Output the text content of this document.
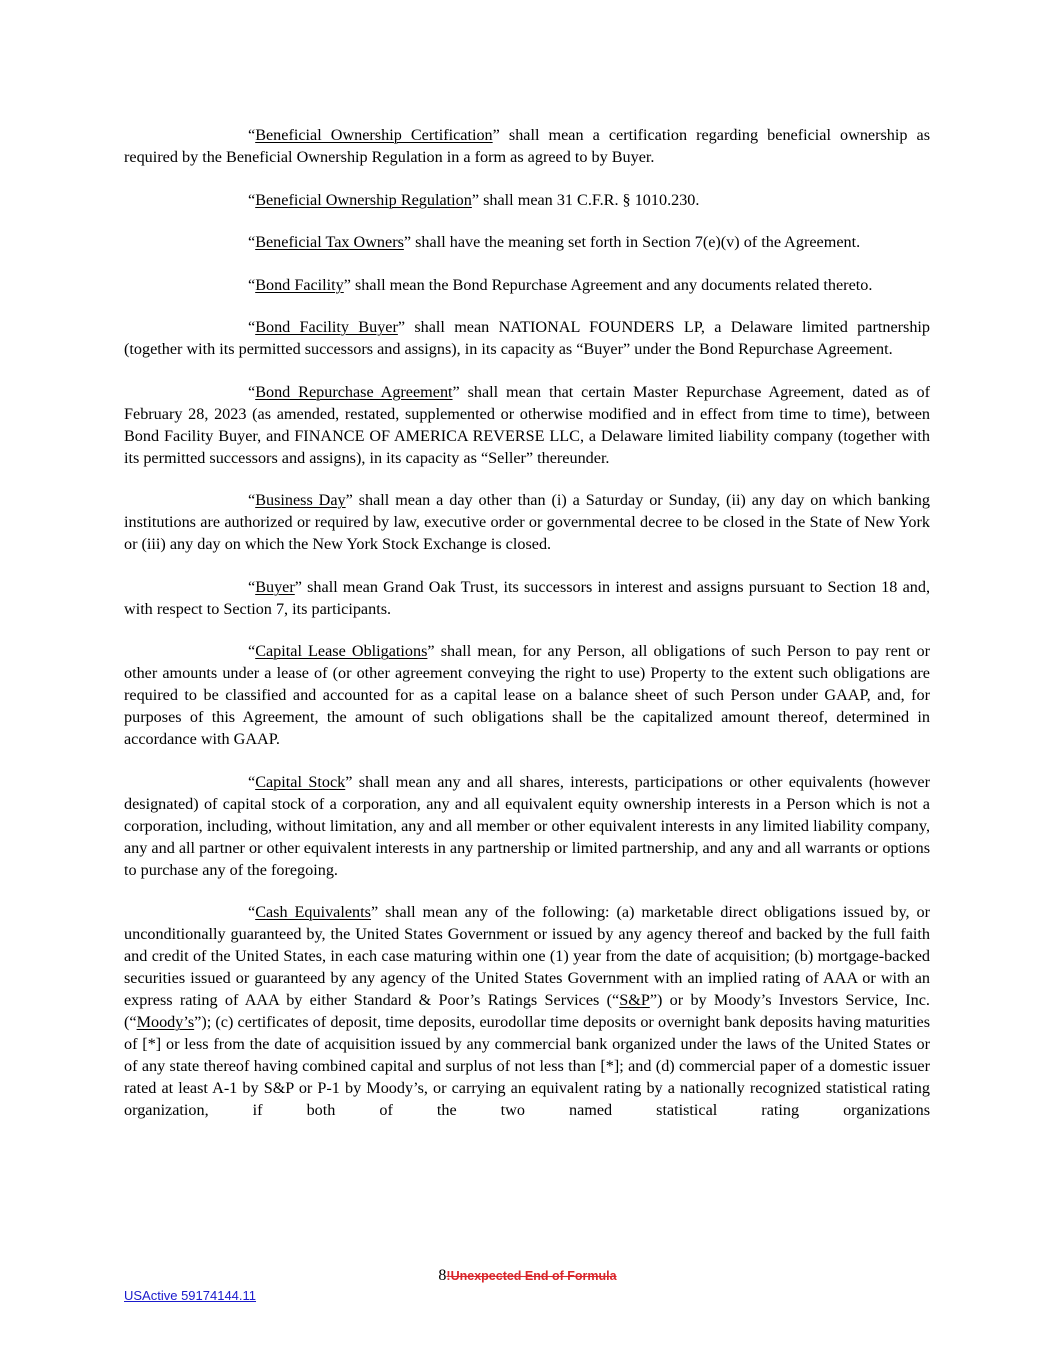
“Beneficial Ownership Certification” shall mean a certification regarding beneficial ownership as required by the Beneficial Ownership Regulation in a form as agreed to by Buyer.

“Beneficial Ownership Regulation” shall mean 31 C.F.R. § 1010.230.

“Beneficial Tax Owners” shall have the meaning set forth in Section 7(e)(v) of the Agreement.

“Bond Facility” shall mean the Bond Repurchase Agreement and any documents related thereto.

“Bond Facility Buyer” shall mean NATIONAL FOUNDERS LP, a Delaware limited partnership (together with its permitted successors and assigns), in its capacity as “Buyer” under the Bond Repurchase Agreement.

“Bond Repurchase Agreement” shall mean that certain Master Repurchase Agreement, dated as of February 28, 2023 (as amended, restated, supplemented or otherwise modified and in effect from time to time), between Bond Facility Buyer, and FINANCE OF AMERICA REVERSE LLC, a Delaware limited liability company (together with its permitted successors and assigns), in its capacity as “Seller” thereunder.

“Business Day” shall mean a day other than (i) a Saturday or Sunday, (ii) any day on which banking institutions are authorized or required by law, executive order or governmental decree to be closed in the State of New York or (iii) any day on which the New York Stock Exchange is closed.

“Buyer” shall mean Grand Oak Trust, its successors in interest and assigns pursuant to Section 18 and, with respect to Section 7, its participants.

“Capital Lease Obligations” shall mean, for any Person, all obligations of such Person to pay rent or other amounts under a lease of (or other agreement conveying the right to use) Property to the extent such obligations are required to be classified and accounted for as a capital lease on a balance sheet of such Person under GAAP, and, for purposes of this Agreement, the amount of such obligations shall be the capitalized amount thereof, determined in accordance with GAAP.

“Capital Stock” shall mean any and all shares, interests, participations or other equivalents (however designated) of capital stock of a corporation, any and all equivalent equity ownership interests in a Person which is not a corporation, including, without limitation, any and all member or other equivalent interests in any limited liability company, any and all partner or other equivalent interests in any partnership or limited partnership, and any and all warrants or options to purchase any of the foregoing.

“Cash Equivalents” shall mean any of the following: (a) marketable direct obligations issued by, or unconditionally guaranteed by, the United States Government or issued by any agency thereof and backed by the full faith and credit of the United States, in each case maturing within one (1) year from the date of acquisition; (b) mortgage-backed securities issued or guaranteed by any agency of the United States Government with an implied rating of AAA or with an express rating of AAA by either Standard & Poor’s Ratings Services (“S&P”) or by Moody’s Investors Service, Inc. (“Moody’s”); (c) certificates of deposit, time deposits, eurodollar time deposits or overnight bank deposits having maturities of [*] or less from the date of acquisition issued by any commercial bank organized under the laws of the United States or of any state thereof having combined capital and surplus of not less than [*]; and (d) commercial paper of a domestic issuer rated at least A-1 by S&P or P-1 by Moody’s, or carrying an equivalent rating by a nationally recognized statistical rating organization, if both of the two named statistical rating organizations

8!Unexpected End of Formula
USActive 59174144.11
